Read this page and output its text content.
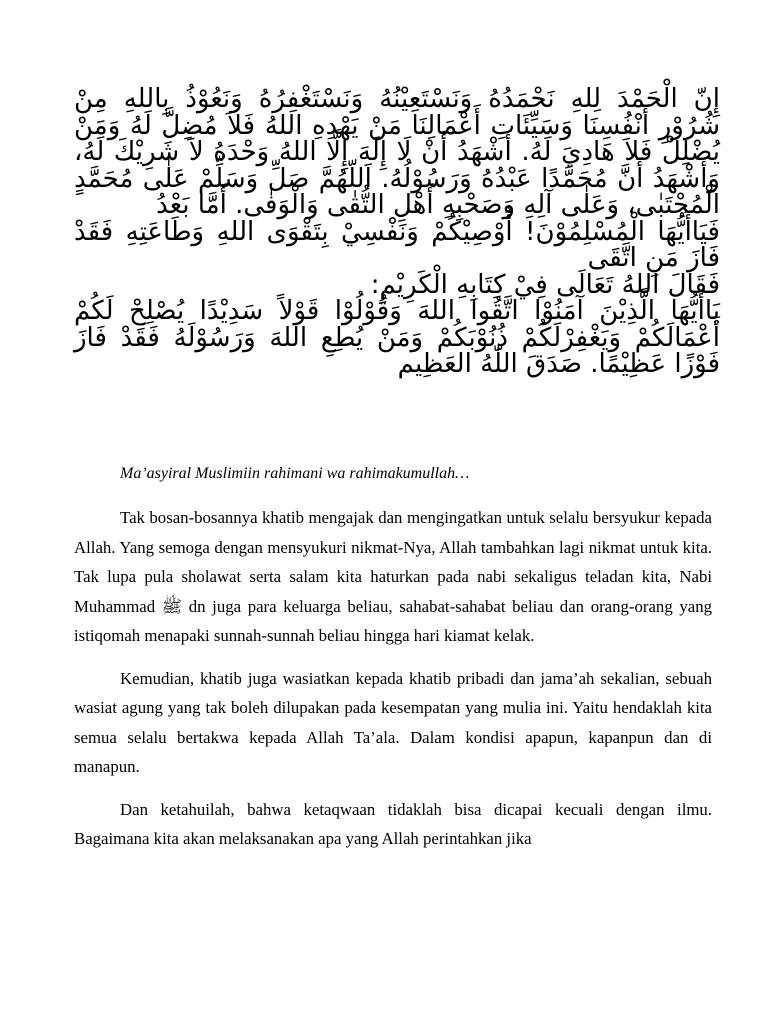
إِنّ الْحَمْدَ لِلهِ نَحْمَدُهُ وَنَسْتَعِيْنُهُ وَنَسْتَغْفِرُهُ وَنَعُوْذُ بِاللهِ مِنْ شُرُوْرِ أَنْفُسِنَا وَسَيِّئَاتِ أَعْمَالِنَا مَنْ يَهْدِهِ اللهُ فَلاَ مُضِلَّ لَهُ وَمَنْ يُضْلِلْ فَلاَ هَادِيَ لَهُ. أَشْهَدُ أَنْ لَا إِلَهَ إِلَّا اللهُ وَحْدَهُ لاَ شَرِيْكَ لَهُ، وَأَشْهَدُ أَنَّ مُحَمَّدًا عَبْدُهُ وَرَسُوْلُهُ. اَللّهُمَّ صَلِّ وَسَلِّمْ عَلٰى مُحَمَّدٍ الْمُجْتَبٰى، وَعَلٰى آلِهِ وَصَحْبِهِ أَهْلِ التُّقٰى وَالْوَفٰى. أَمَّا بَعْدُ

فَيَاأَيُّهَا الْمُسْلِمُوْنَ! أُوْصِيْكُمْ وَنَفْسِيْ بِتَقْوَى اللهِ وَطَاعَتِهِ فَقَدْ فَازَ مَنِ اتَّقَى

فَقَالَ اللهُ تَعَالَى فِيْ كِتَابِهِ الْكَرِيْمِ:

يَاأَيُّهَا الَّذِيْنَ آمَنُوْا اتَّقُوا اللهَ وَقُوْلُوْا قَوْلاً سَدِيْدًا يُصْلِحْ لَكُمْ أَعْمَالَكُمْ وَيَغْفِرْلَكُمْ ذُنُوْبَكُمْ وَمَنْ يُطِعِ اللهَ وَرَسُوْلَهُ فَقَدْ فَازَ فَوْزًا عَظِيْمًا. صَدَقَ اللّٰهُ العَظِيم

Ma’asyiral Muslimiin rahimani wa rahimakumullah…

Tak bosan-bosannya khatib mengajak dan mengingatkan untuk selalu bersyukur kepada Allah. Yang semoga dengan mensyukuri nikmat-Nya, Allah tambahkan lagi nikmat untuk kita. Tak lupa pula sholawat serta salam kita haturkan pada nabi sekaligus teladan kita, Nabi Muhammad ﷺ dn juga para keluarga beliau, sahabat-sahabat beliau dan orang-orang yang istiqomah menapaki sunnah-sunnah beliau hingga hari kiamat kelak.

Kemudian, khatib juga wasiatkan kepada khatib pribadi dan jama’ah sekalian, sebuah wasiat agung yang tak boleh dilupakan pada kesempatan yang mulia ini. Yaitu hendaklah kita semua selalu bertakwa kepada Allah Ta’ala. Dalam kondisi apapun, kapanpun dan di manapun.

Dan ketahuilah, bahwa ketaqwaan tidaklah bisa dicapai kecuali dengan ilmu. Bagaimana kita akan melaksanakan apa yang Allah perintahkan jika
